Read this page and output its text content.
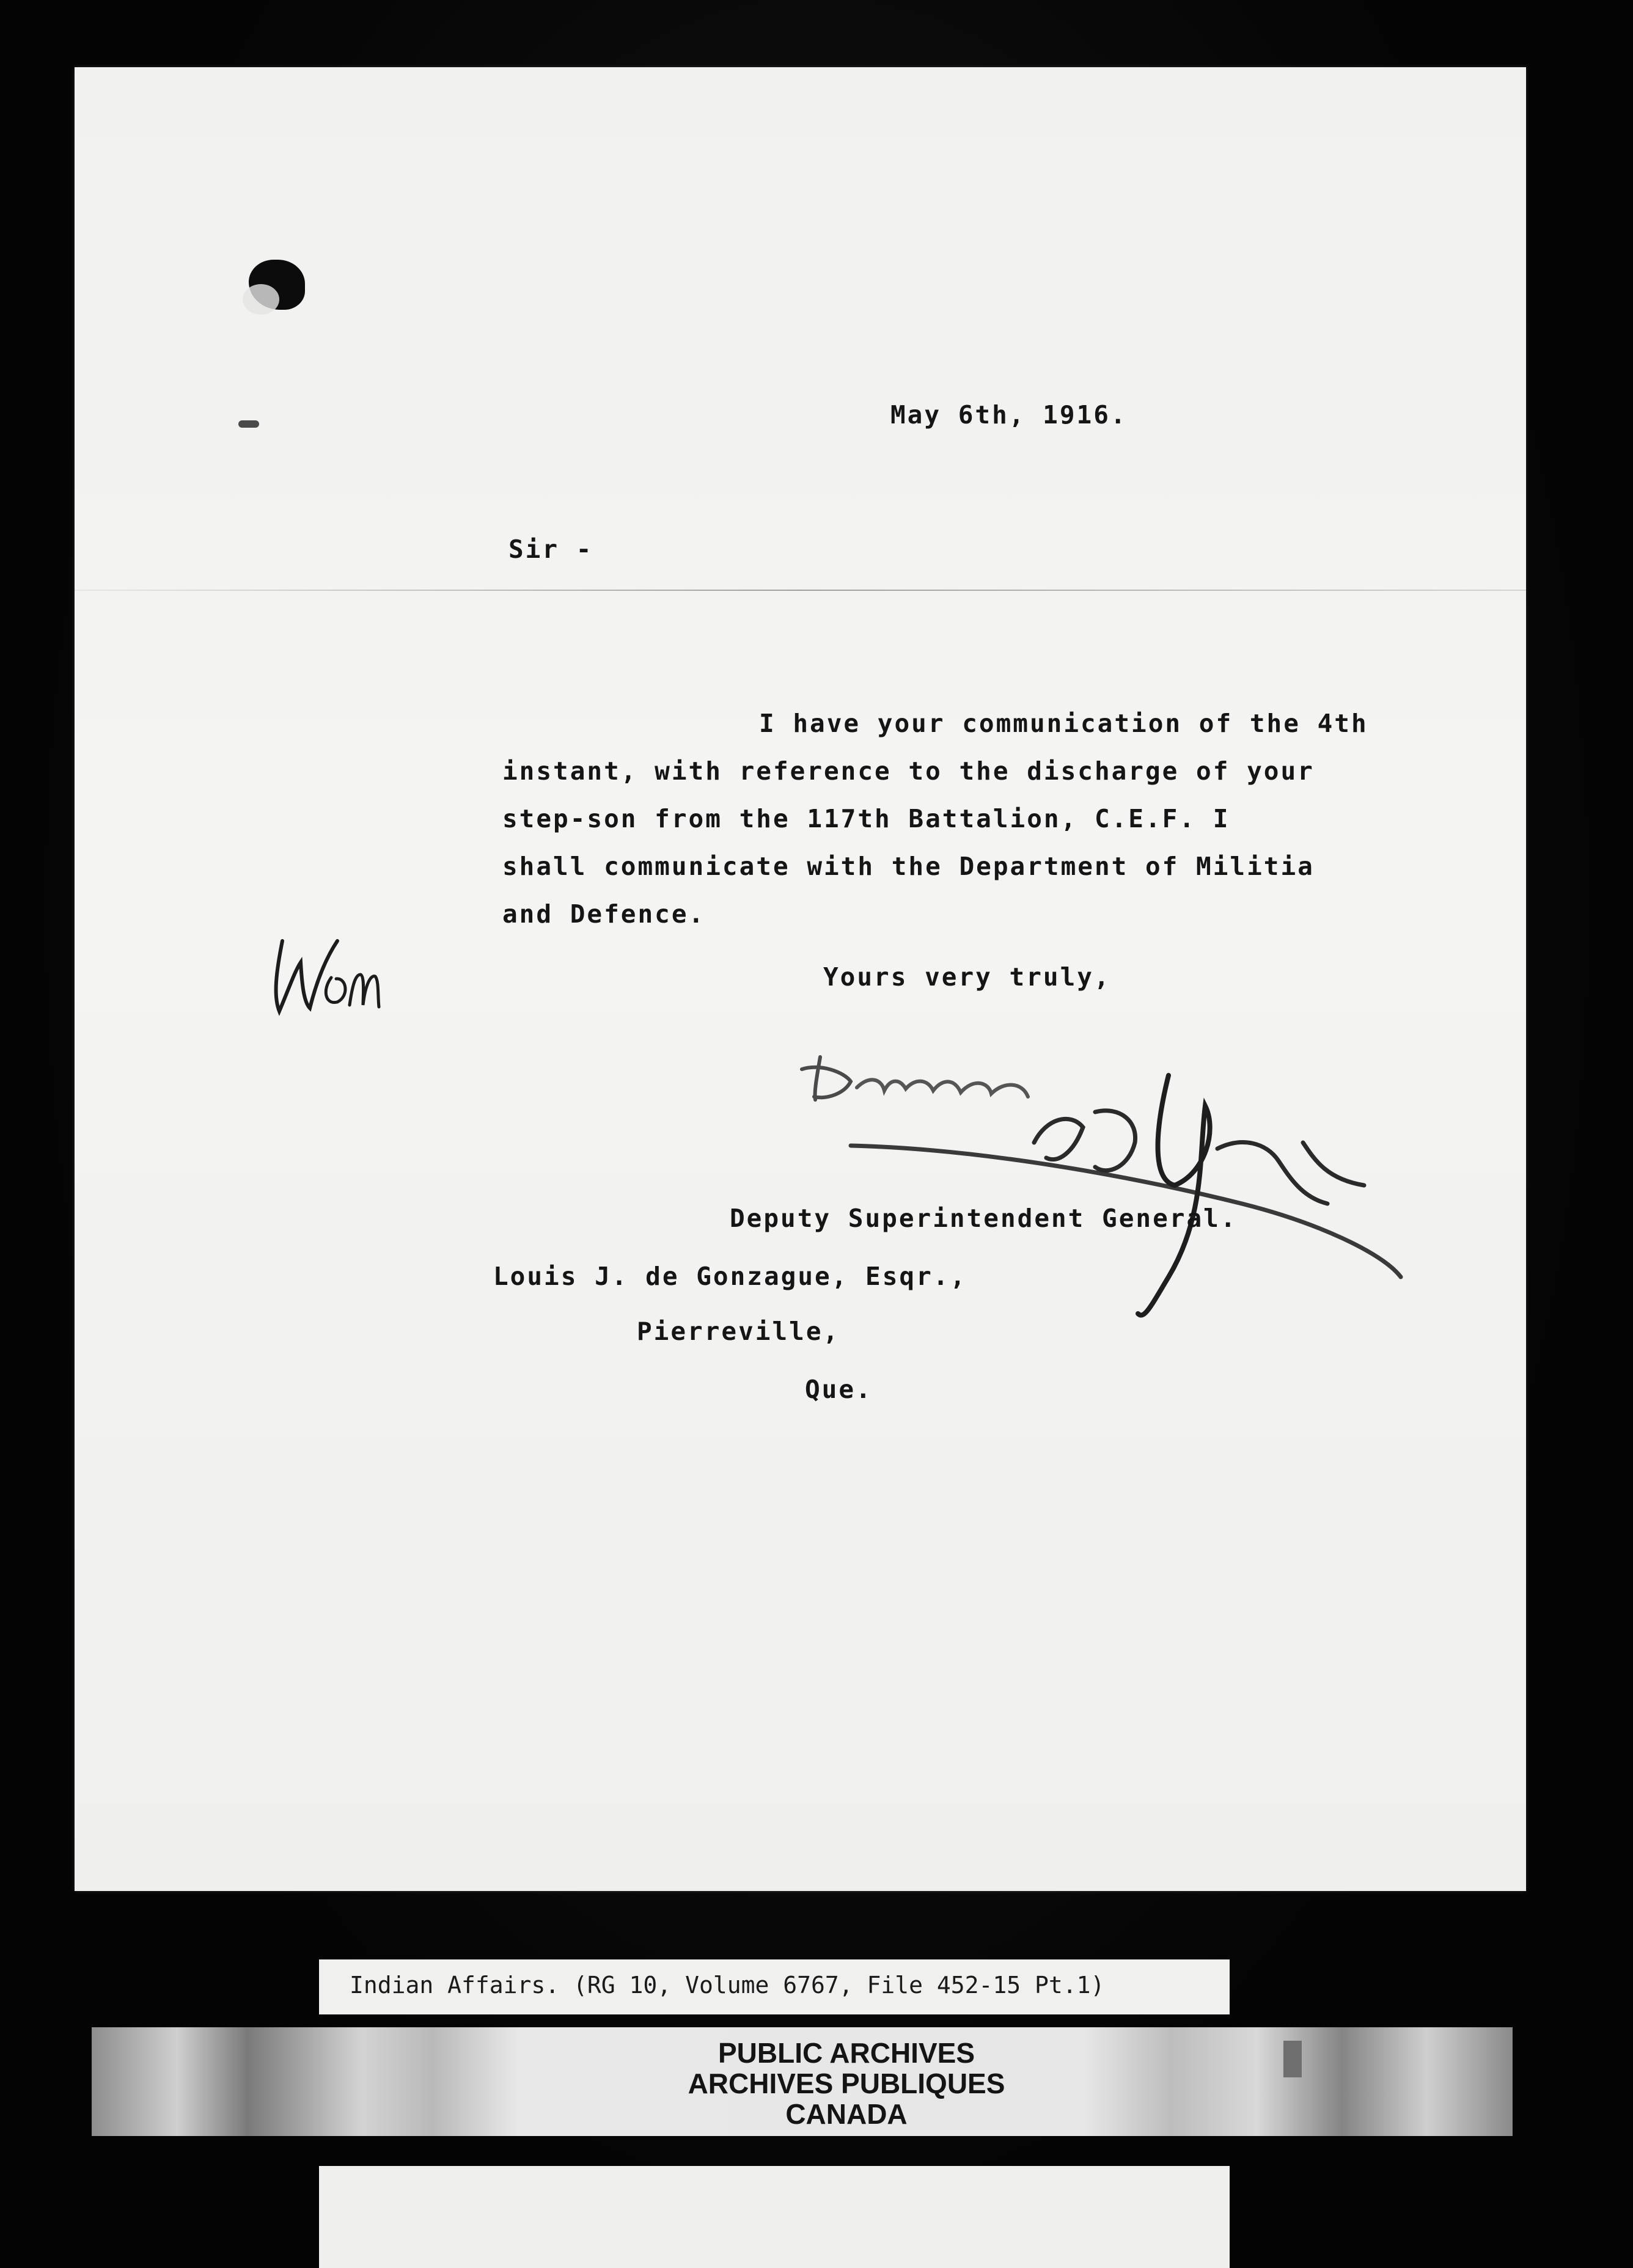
May 6th, 1916.

Sir -

I have your communication of the 4th
instant, with reference to the discharge of your
step-son from the 117th Battalion, C.E.F. I
shall communicate with the Department of Militia
and Defence.

Yours very truly,

Deputy Superintendent General.

Louis J. de Gonzague, Esqr.,

Pierreville,

Que.

Indian Affairs. (RG 10, Volume 6767, File 452-15 Pt.1)
PUBLIC ARCHIVES
ARCHIVES PUBLIQUES
CANADA
